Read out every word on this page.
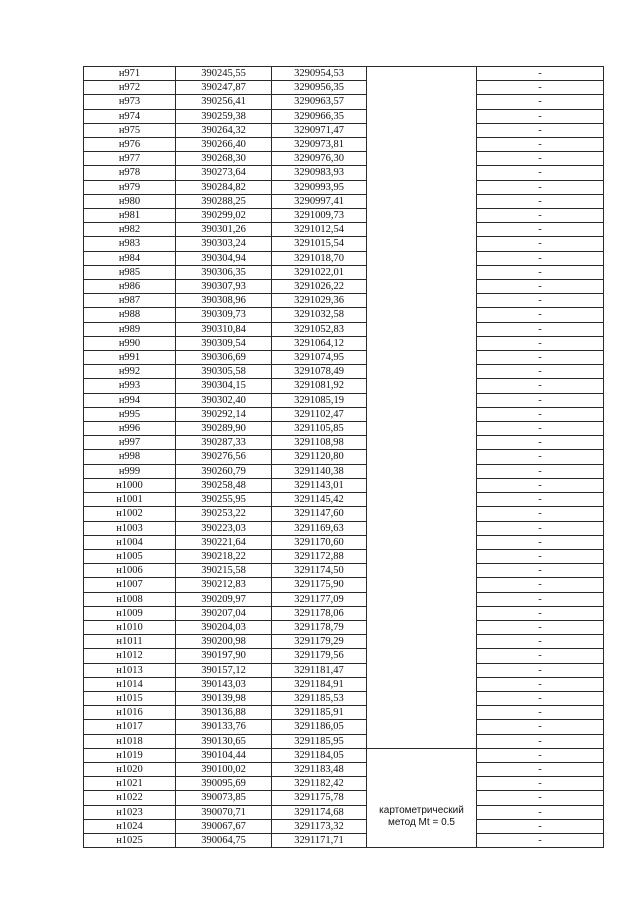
н971	390245,55	3290954,53		-
н972	390247,87	3290956,35		-
н973	390256,41	3290963,57		-
н974	390259,38	3290966,35		-
н975	390264,32	3290971,47		-
н976	390266,40	3290973,81		-
н977	390268,30	3290976,30		-
н978	390273,64	3290983,93		-
н979	390284,82	3290993,95		-
н980	390288,25	3290997,41		-
н981	390299,02	3291009,73		-
н982	390301,26	3291012,54		-
н983	390303,24	3291015,54		-
н984	390304,94	3291018,70		-
н985	390306,35	3291022,01		-
н986	390307,93	3291026,22		-
н987	390308,96	3291029,36		-
н988	390309,73	3291032,58		-
н989	390310,84	3291052,83		-
н990	390309,54	3291064,12		-
н991	390306,69	3291074,95		-
н992	390305,58	3291078,49		-
н993	390304,15	3291081,92		-
н994	390302,40	3291085,19		-
н995	390292,14	3291102,47		-
н996	390289,90	3291105,85		-
н997	390287,33	3291108,98		-
н998	390276,56	3291120,80		-
н999	390260,79	3291140,38		-
н1000	390258,48	3291143,01		-
н1001	390255,95	3291145,42		-
н1002	390253,22	3291147,60		-
н1003	390223,03	3291169,63		-
н1004	390221,64	3291170,60		-
н1005	390218,22	3291172,88		-
н1006	390215,58	3291174,50		-
н1007	390212,83	3291175,90		-
н1008	390209,97	3291177,09		-
н1009	390207,04	3291178,06		-
н1010	390204,03	3291178,79		-
н1011	390200,98	3291179,29		-
н1012	390197,90	3291179,56		-
н1013	390157,12	3291181,47		-
н1014	390143,03	3291184,91		-
н1015	390139,98	3291185,53		-
н1016	390136,88	3291185,91		-
н1017	390133,76	3291186,05		-
н1018	390130,65	3291185,95		-
н1019	390104,44	3291184,05	картометрический метод Mt = 0.5	-
н1020	390100,02	3291183,48		-
н1021	390095,69	3291182,42		-
н1022	390073,85	3291175,78		-
н1023	390070,71	3291174,68		-
н1024	390067,67	3291173,32		-
н1025	390064,75	3291171,71		-
